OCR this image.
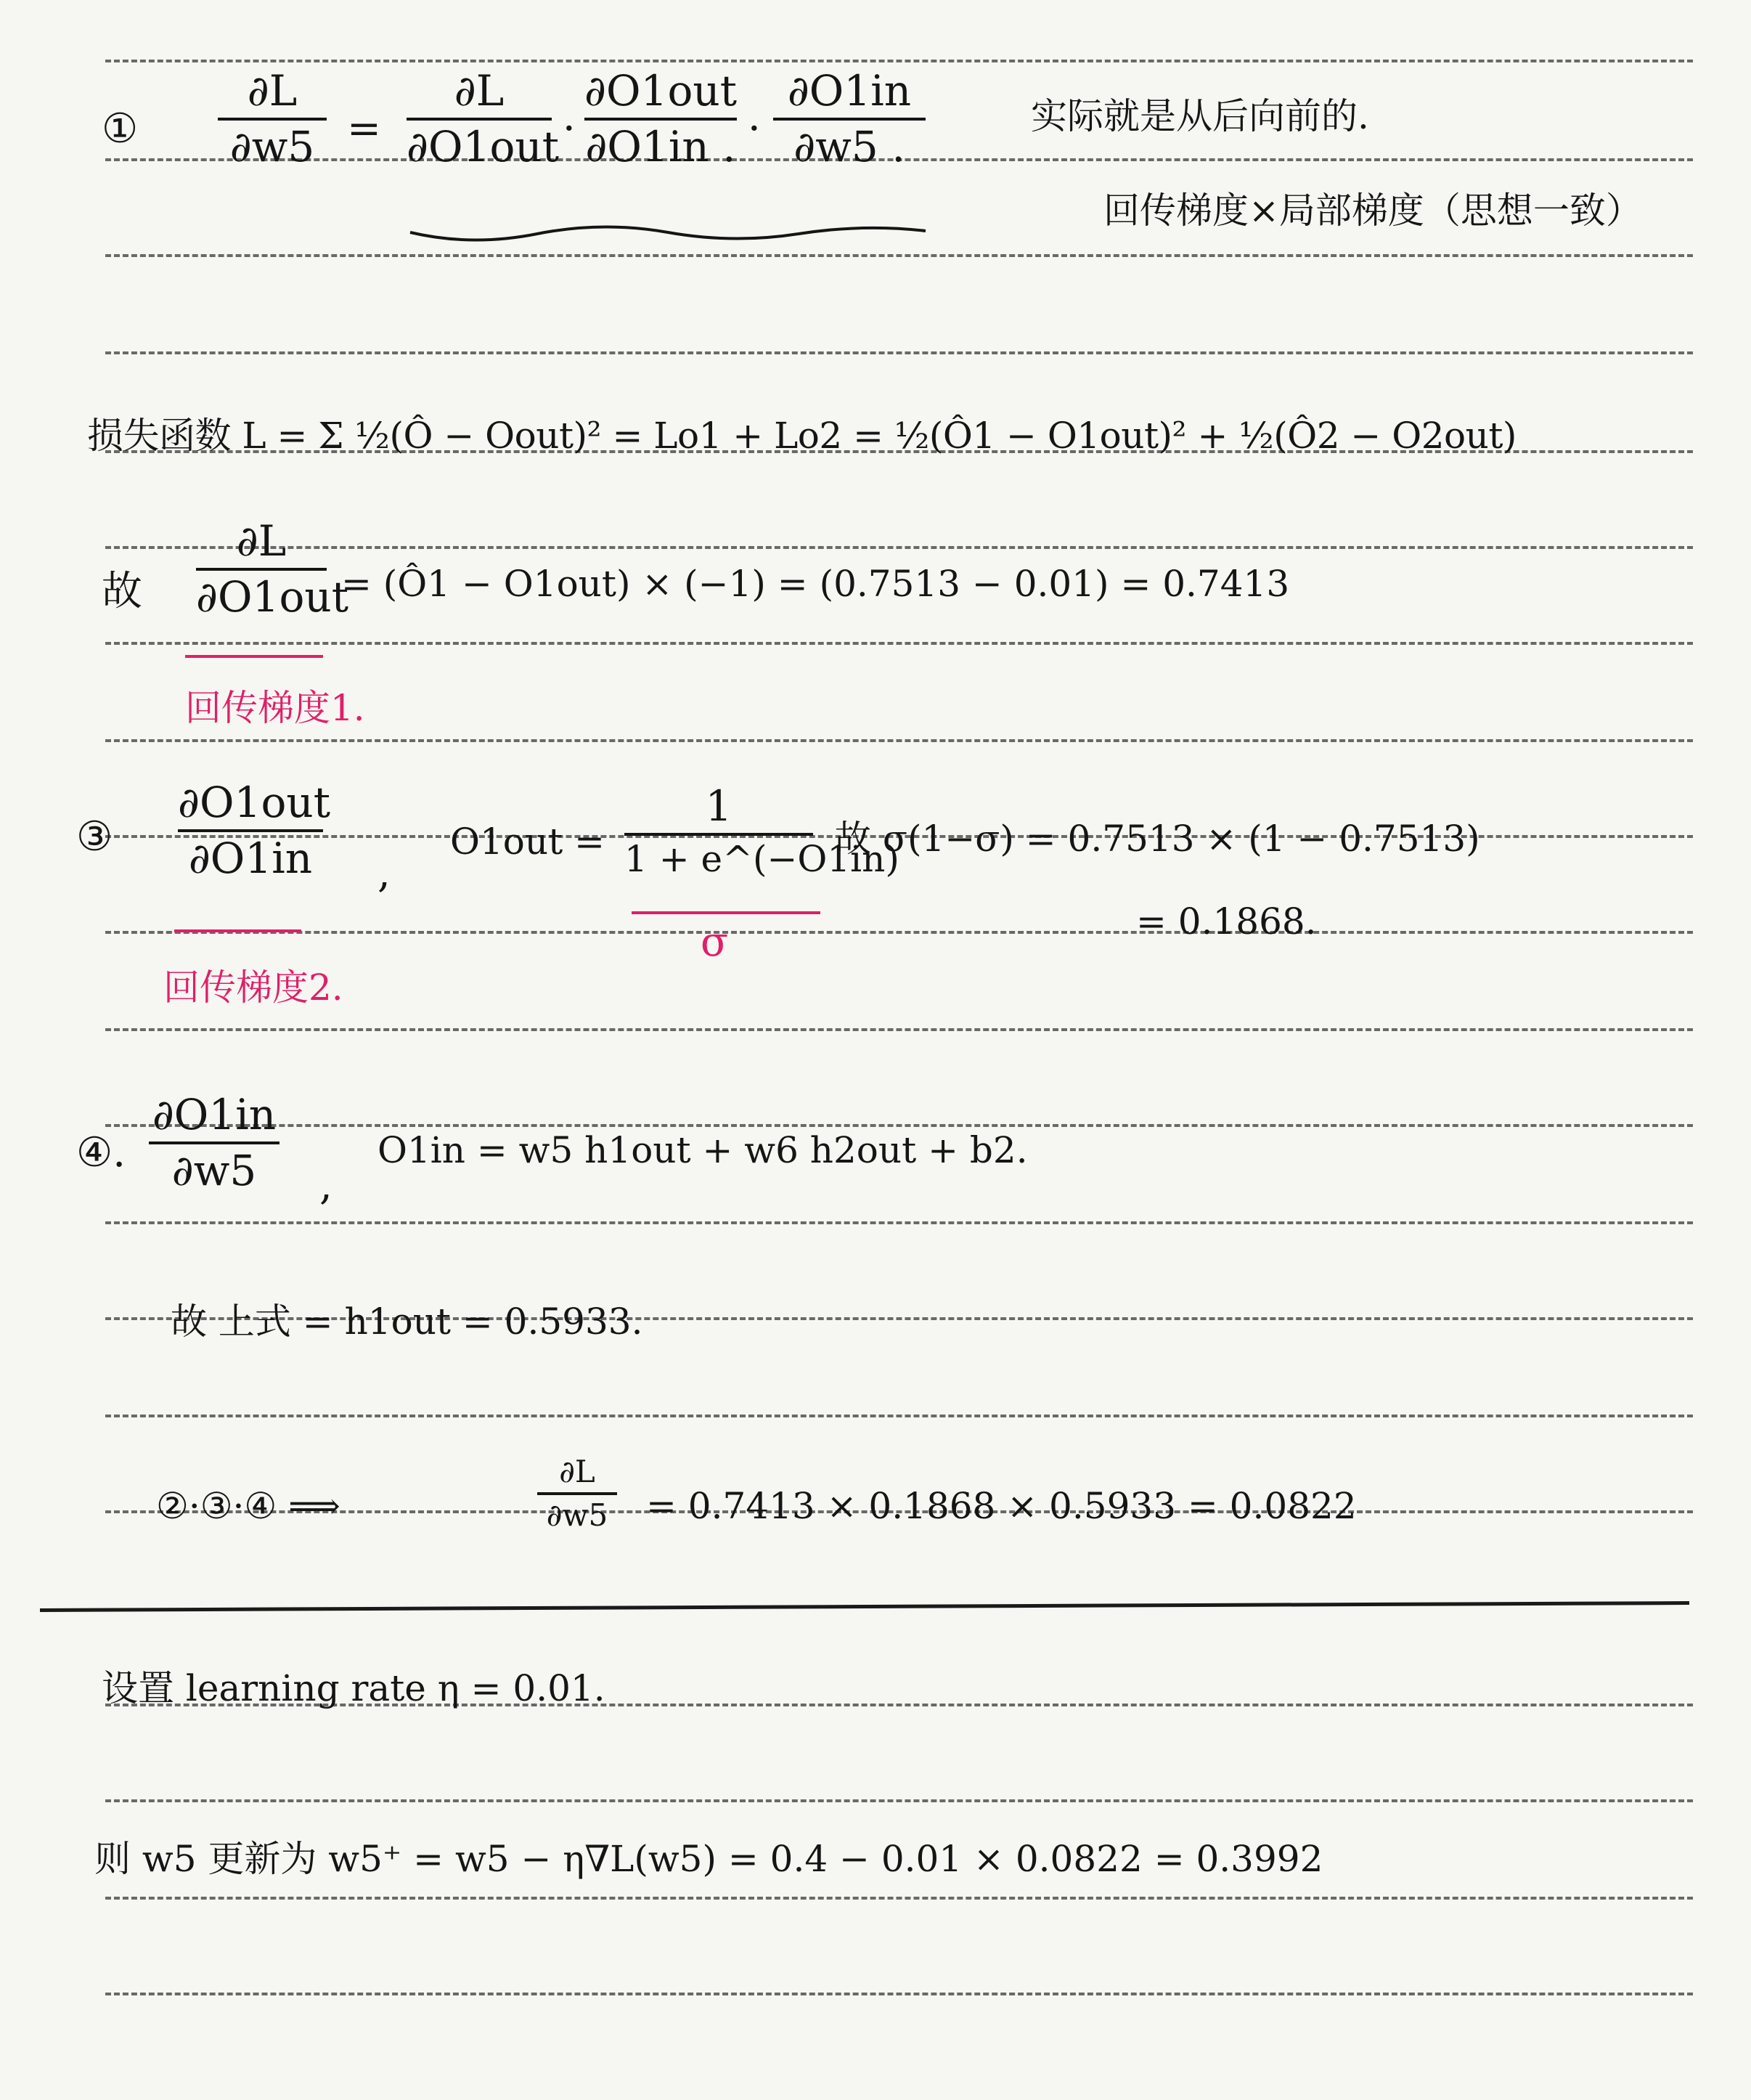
①
∂L
∂w5 =
∂L
∂O1out ·
∂O1out
∂O1in . ·
∂O1in
∂w5 .
实际就是从后向前的.
回传梯度×局部梯度（思想一致）
损失函数 L = Σ ½(Ô − Oout)² = Lo1 + Lo2 = ½(Ô1 − O1out)² + ½(Ô2 − O2out)
故
∂L
∂O1out
= (Ô1 − O1out) × (−1) = (0.7513 − 0.01) = 0.7413
回传梯度1.
③
∂O1out
∂O1in ,
O1out =
1
1 + e^(−O1in)
σ
故 σ(1−σ) = 0.7513 × (1 − 0.7513)
= 0.1868.
回传梯度2.
④.
∂O1in
∂w5	,
O1in = w5 h1out + w6 h2out + b2.
故 上式 = h1out = 0.5933.
②·③·④ ⟹
∂L
∂w5 = 0.7413 × 0.1868 × 0.5933 = 0.0822
设置 learning rate η = 0.01.
则 w5 更新为 w5⁺ = w5 − η∇L(w5) = 0.4 − 0.01 × 0.0822 = 0.3992
